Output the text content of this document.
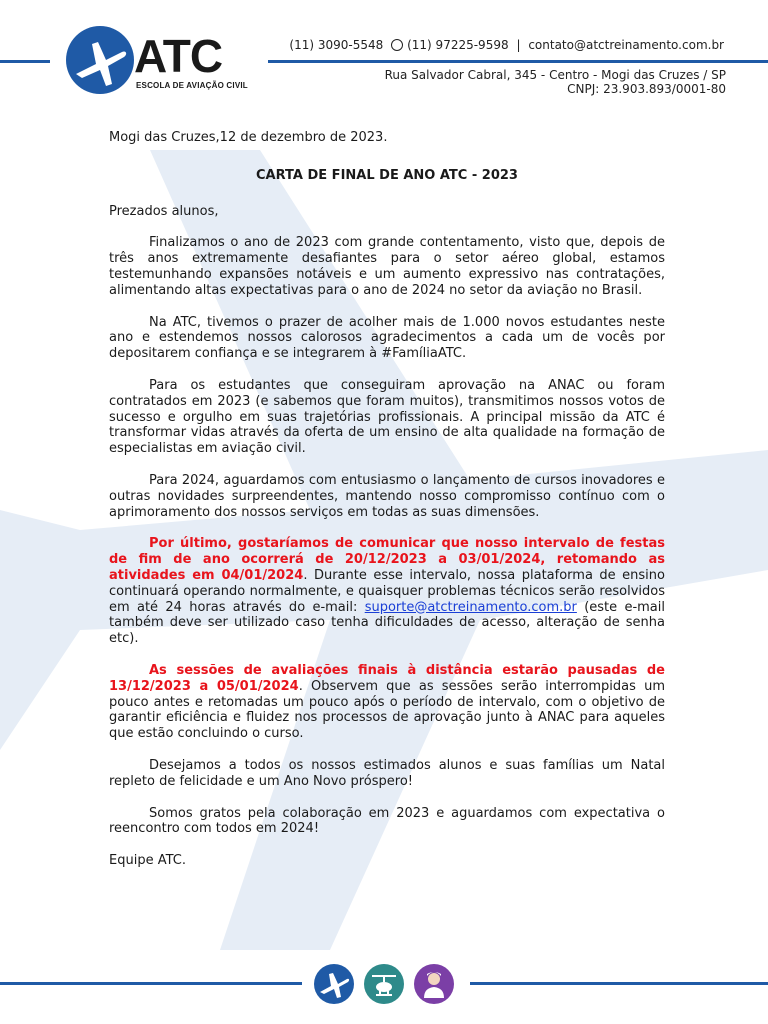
ATC
ESCOLA DE AVIAÇÃO CIVIL
(11) 3090-5548 (11) 97225-9598 | contato@atctreinamento.com.br
Rua Salvador Cabral, 345 - Centro - Mogi das Cruzes / SP
CNPJ: 23.903.893/0001-80

Mogi das Cruzes,12 de dezembro de 2023.

CARTA DE FINAL DE ANO ATC - 2023

Prezados alunos,

Finalizamos o ano de 2023 com grande contentamento, visto que, depois de três anos extremamente desafiantes para o setor aéreo global, estamos testemunhando expansões notáveis e um aumento expressivo nas contratações, alimentando altas expectativas para o ano de 2024 no setor da aviação no Brasil.

Na ATC, tivemos o prazer de acolher mais de 1.000 novos estudantes neste ano e estendemos nossos calorosos agradecimentos a cada um de vocês por depositarem confiança e se integrarem à #FamíliaATC.

Para os estudantes que conseguiram aprovação na ANAC ou foram contratados em 2023 (e sabemos que foram muitos), transmitimos nossos votos de sucesso e orgulho em suas trajetórias profissionais. A principal missão da ATC é transformar vidas através da oferta de um ensino de alta qualidade na formação de especialistas em aviação civil.

Para 2024, aguardamos com entusiasmo o lançamento de cursos inovadores e outras novidades surpreendentes, mantendo nosso compromisso contínuo com o aprimoramento dos nossos serviços em todas as suas dimensões.

Por último, gostaríamos de comunicar que nosso intervalo de festas de fim de ano ocorrerá de 20/12/2023 a 03/01/2024, retomando as atividades em 04/01/2024. Durante esse intervalo, nossa plataforma de ensino continuará operando normalmente, e quaisquer problemas técnicos serão resolvidos em até 24 horas através do e-mail: suporte@atctreinamento.com.br (este e-mail também deve ser utilizado caso tenha dificuldades de acesso, alteração de senha etc).

As sessões de avaliações finais à distância estarão pausadas de 13/12/2023 a 05/01/2024. Observem que as sessões serão interrompidas um pouco antes e retomadas um pouco após o período de intervalo, com o objetivo de garantir eficiência e fluidez nos processos de aprovação junto à ANAC para aqueles que estão concluindo o curso.

Desejamos a todos os nossos estimados alunos e suas famílias um Natal repleto de felicidade e um Ano Novo próspero!

Somos gratos pela colaboração em 2023 e aguardamos com expectativa o reencontro com todos em 2024!

Equipe ATC.
